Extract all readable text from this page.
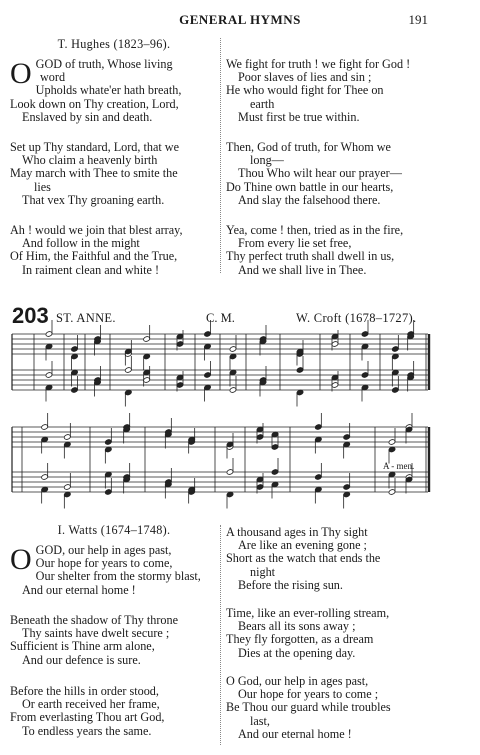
GENERAL HYMNS	191
T. Hughes (1823–96).
O GOD of truth, Whose living
word
Upholds whate'er hath breath,
Look down on Thy creation, Lord,
Enslaved by sin and death.
Set up Thy standard, Lord, that we
Who claim a heavenly birth
May march with Thee to smite the
lies
That vex Thy groaning earth.
Ah ! would we join that blest array,
And follow in the might
Of Him, the Faithful and the True,
In raiment clean and white !
We fight for truth ! we fight for God !
Poor slaves of lies and sin ;
He who would fight for Thee on
earth
Must first be true within.
Then, God of truth, for Whom we
long—
Thou Who wilt hear our prayer—
Do Thine own battle in our hearts,
And slay the falsehood there.
Yea, come ! then, tried as in the fire,
From every lie set free,
Thy perfect truth shall dwell in us,
And we shall live in Thee.
203 ST. ANNE.	C. M.	W. Croft (1678–1727).
A - men.
I. Watts (1674–1748).
O GOD, our help in ages past,
Our hope for years to come,
Our shelter from the stormy blast,
And our eternal home !
Beneath the shadow of Thy throne
Thy saints have dwelt secure ;
Sufficient is Thine arm alone,
And our defence is sure.
Before the hills in order stood,
Or earth received her frame,
From everlasting Thou art God,
To endless years the same.
A thousand ages in Thy sight
Are like an evening gone ;
Short as the watch that ends the
night
Before the rising sun.
Time, like an ever-rolling stream,
Bears all its sons away ;
They fly forgotten, as a dream
Dies at the opening day.
O God, our help in ages past,
Our hope for years to come ;
Be Thou our guard while troubles
last,
And our eternal home !
